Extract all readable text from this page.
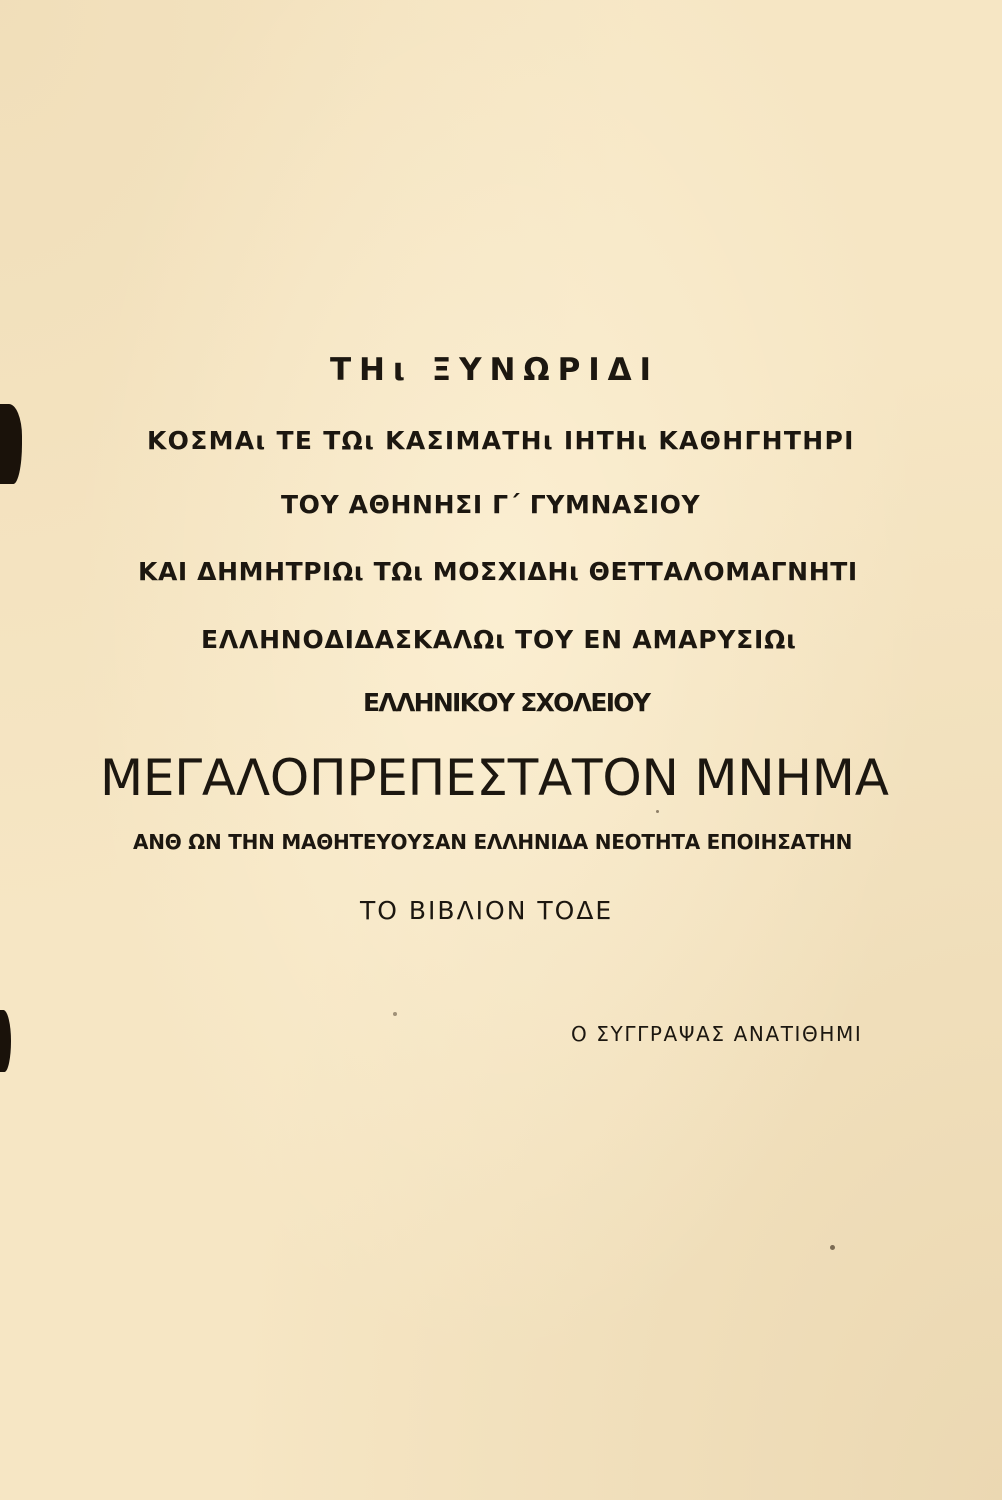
ΤΗι ΞΥΝΩΡΙΔΙ
ΚΟΣΜΑι ΤΕ ΤΩι ΚΑΣΙΜΑΤΗι ΙΗΤΗι ΚΑΘΗΓΗΤΗΡΙ
ΤΟΥ ΑΘΗΝΗΣΙ Γ΄ ΓΥΜΝΑΣΙΟΥ
ΚΑΙ ΔΗΜΗΤΡΙΩι ΤΩι ΜΟΣΧΙΔΗι ΘΕΤΤΑΛΟΜΑΓΝΗΤΙ
ΕΛΛΗΝΟΔΙΔΑΣΚΑΛΩι ΤΟΥ ΕΝ ΑΜΑΡΥΣΙΩι
ΕΛΛΗΝΙΚΟΥ ΣΧΟΛΕΙΟΥ
ΜΕΓΑΛΟΠΡΕΠΕΣΤΑΤΟΝ ΜΝΗΜΑ
ΑΝΘ ΩΝ ΤΗΝ ΜΑΘΗΤΕΥΟΥΣΑΝ ΕΛΛΗΝΙΔΑ ΝΕΟΤΗΤΑ ΕΠΟΙΗΣΑΤΗΝ
ΤΟ ΒΙΒΛΙΟΝ ΤΟΔΕ
Ο ΣΥΓΓΡΑΨΑΣ ΑΝΑΤΙΘΗΜΙ
